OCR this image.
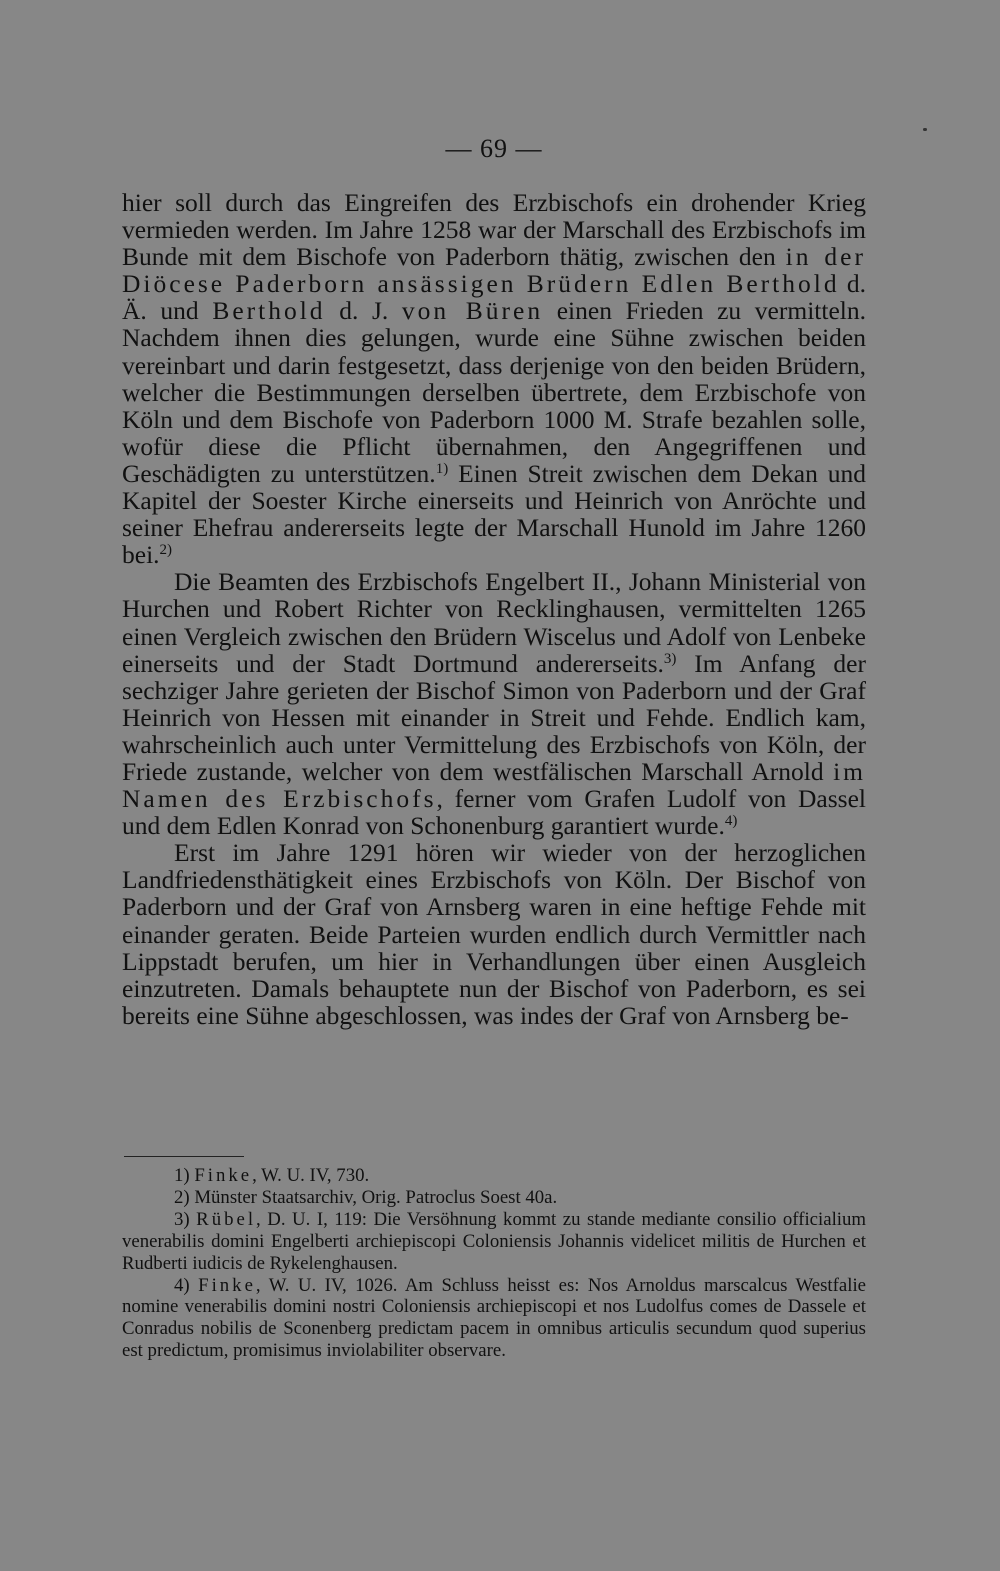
— 69 —

hier soll durch das Eingreifen des Erzbischofs ein drohender Krieg vermieden werden. Im Jahre 1258 war der Marschall des Erzbischofs im Bunde mit dem Bischofe von Paderborn thätig, zwischen den in der Diöcese Paderborn ansässigen Brüdern Edlen Berthold d. Ä. und Berthold d. J. von Büren einen Frieden zu vermitteln. Nachdem ihnen dies gelungen, wurde eine Sühne zwischen beiden vereinbart und darin festgesetzt, dass derjenige von den beiden Brüdern, welcher die Bestimmungen derselben übertrete, dem Erzbischofe von Köln und dem Bischofe von Paderborn 1000 M. Strafe bezahlen solle, wofür diese die Pflicht übernahmen, den Angegriffenen und Geschädigten zu unterstützen.$^{1)}$ Einen Streit zwischen dem Dekan und Kapitel der Soester Kirche einerseits und Heinrich von Anröchte und seiner Ehefrau andererseits legte der Marschall Hunold im Jahre 1260 bei.$^{2)}$

Die Beamten des Erzbischofs Engelbert II., Johann Ministerial von Hurchen und Robert Richter von Recklinghausen, vermittelten 1265 einen Vergleich zwischen den Brüdern Wiscelus und Adolf von Lenbeke einerseits und der Stadt Dortmund andererseits.$^{3)}$ Im Anfang der sechziger Jahre gerieten der Bischof Simon von Paderborn und der Graf Heinrich von Hessen mit einander in Streit und Fehde. Endlich kam, wahrscheinlich auch unter Vermittelung des Erzbischofs von Köln, der Friede zustande, welcher von dem westfälischen Marschall Arnold im Namen des Erzbischofs, ferner vom Grafen Ludolf von Dassel und dem Edlen Konrad von Schonenburg garantiert wurde.$^{4)}$

Erst im Jahre 1291 hören wir wieder von der herzoglichen Landfriedensthätigkeit eines Erzbischofs von Köln. Der Bischof von Paderborn und der Graf von Arnsberg waren in eine heftige Fehde mit einander geraten. Beide Parteien wurden endlich durch Vermittler nach Lippstadt berufen, um hier in Verhandlungen über einen Ausgleich einzutreten. Damals behauptete nun der Bischof von Paderborn, es sei bereits eine Sühne abgeschlossen, was indes der Graf von Arnsberg be-

1) Finke, W. U. IV, 730.

2) Münster Staatsarchiv, Orig. Patroclus Soest 40a.

3) Rübel, D. U. I, 119: Die Versöhnung kommt zu stande mediante consilio officialium venerabilis domini Engelberti archiepiscopi Coloniensis Johannis videlicet militis de Hurchen et Rudberti iudicis de Rykelenghausen.

4) Finke, W. U. IV, 1026. Am Schluss heisst es: Nos Arnoldus marscalcus Westfalie nomine venerabilis domini nostri Coloniensis archiepiscopi et nos Ludolfus comes de Dassele et Conradus nobilis de Sconenberg predictam pacem in omnibus articulis secundum quod superius est predictum, promisimus inviolabiliter observare.
